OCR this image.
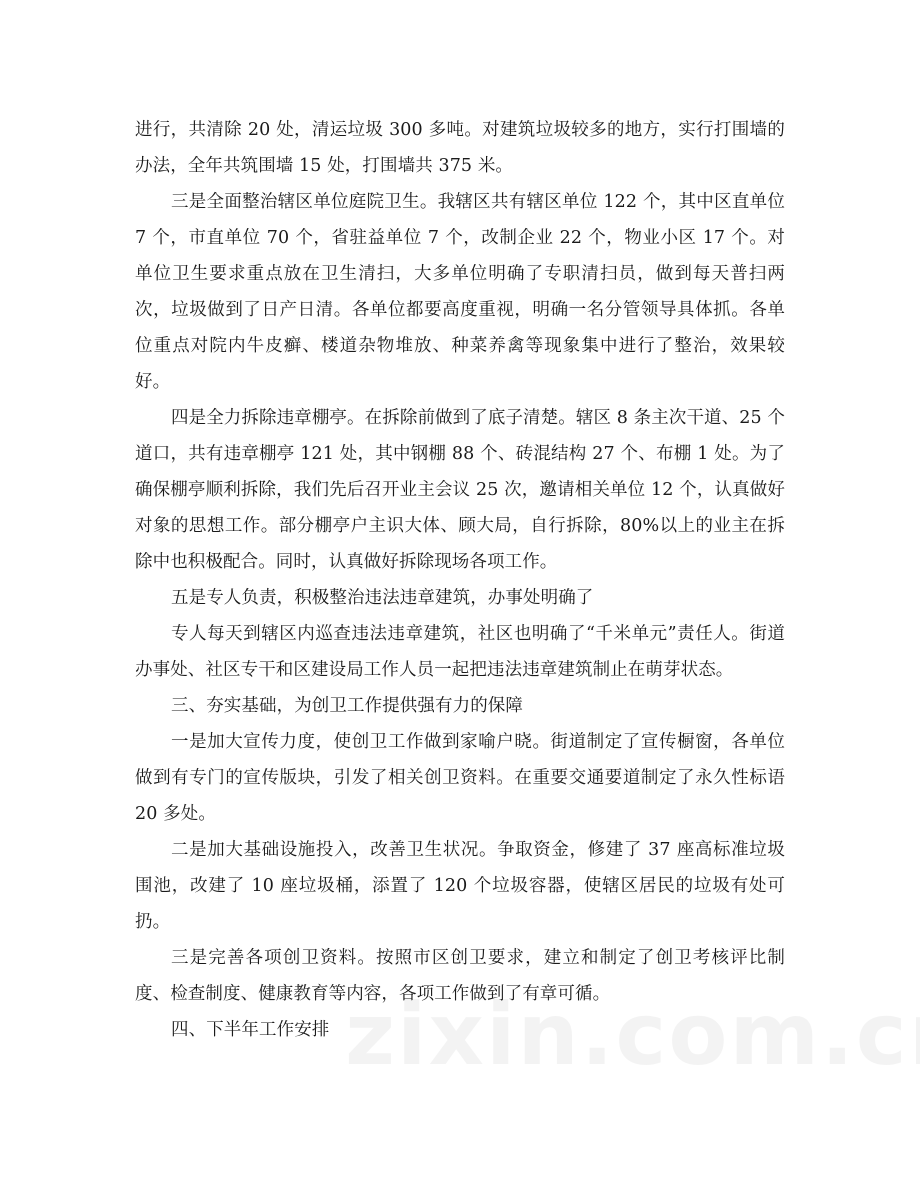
进行，共清除 20 处，清运垃圾 300 多吨。对建筑垃圾较多的地方，实行打围墙的办法，全年共筑围墙 15 处，打围墙共 375 米。

三是全面整治辖区单位庭院卫生。我辖区共有辖区单位 122 个，其中区直单位 7 个，市直单位 70 个，省驻益单位 7 个，改制企业 22 个，物业小区 17 个。对单位卫生要求重点放在卫生清扫，大多单位明确了专职清扫员，做到每天普扫两次，垃圾做到了日产日清。各单位都要高度重视，明确一名分管领导具体抓。各单位重点对院内牛皮癣、楼道杂物堆放、种菜养禽等现象集中进行了整治，效果较好。

四是全力拆除违章棚亭。在拆除前做到了底子清楚。辖区 8 条主次干道、25 个道口，共有违章棚亭 121 处，其中钢棚 88 个、砖混结构 27 个、布棚 1 处。为了确保棚亭顺利拆除，我们先后召开业主会议 25 次，邀请相关单位 12 个，认真做好对象的思想工作。部分棚亭户主识大体、顾大局，自行拆除，80%以上的业主在拆除中也积极配合。同时，认真做好拆除现场各项工作。

五是专人负责，积极整治违法违章建筑，办事处明确了

专人每天到辖区内巡查违法违章建筑，社区也明确了“千米单元”责任人。街道办事处、社区专干和区建设局工作人员一起把违法违章建筑制止在萌芽状态。

三、夯实基础，为创卫工作提供强有力的保障

一是加大宣传力度，使创卫工作做到家喻户晓。街道制定了宣传橱窗，各单位做到有专门的宣传版块，引发了相关创卫资料。在重要交通要道制定了永久性标语 20 多处。

二是加大基础设施投入，改善卫生状况。争取资金，修建了 37 座高标准垃圾围池，改建了 10 座垃圾桶，添置了 120 个垃圾容器，使辖区居民的垃圾有处可扔。

三是完善各项创卫资料。按照市区创卫要求，建立和制定了创卫考核评比制度、检查制度、健康教育等内容，各项工作做到了有章可循。

四、下半年工作安排
